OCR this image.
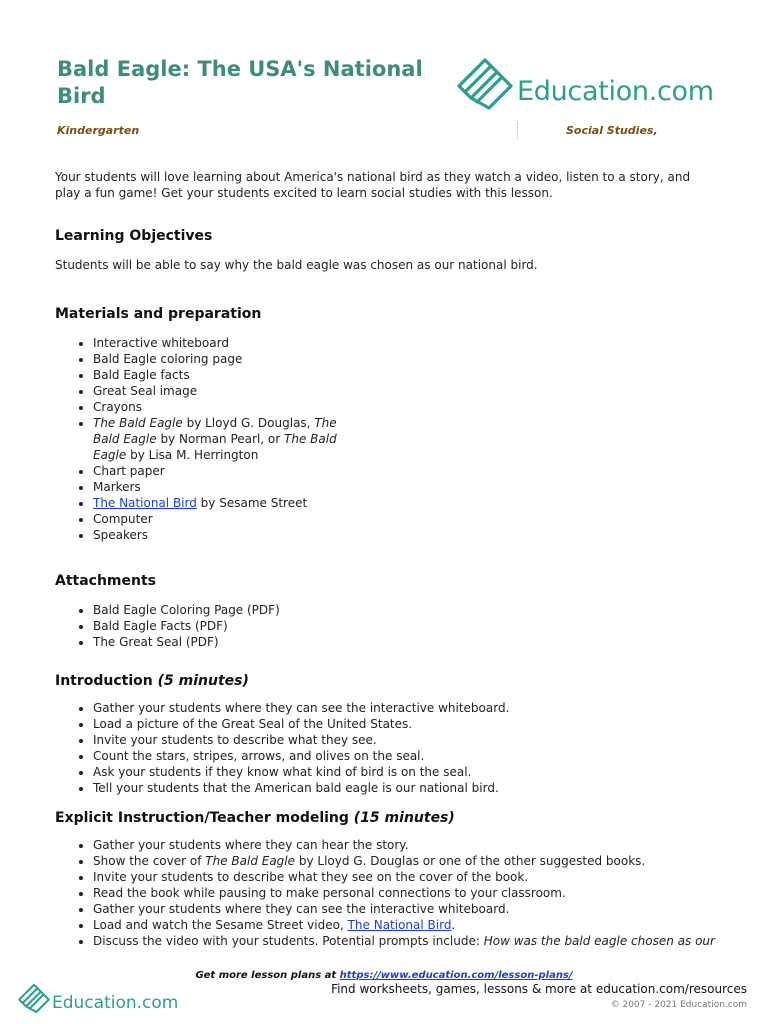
Bald Eagle: The USA's National Bird	Education.com
Kindergarten	Social Studies,

Your students will love learning about America's national bird as they watch a video, listen to a story, and play a fun game! Get your students excited to learn social studies with this lesson.

Learning Objectives

Students will be able to say why the bald eagle was chosen as our national bird.

Materials and preparation
• Interactive whiteboard
• Bald Eagle coloring page
• Bald Eagle facts
• Great Seal image
• Crayons
• The Bald Eagle by Lloyd G. Douglas, The Bald Eagle by Norman Pearl, or The Bald Eagle by Lisa M. Herrington
• Chart paper
• Markers
• The National Bird by Sesame Street
• Computer
• Speakers
Attachments
• Bald Eagle Coloring Page (PDF)
• Bald Eagle Facts (PDF)
• The Great Seal (PDF)
Introduction (5 minutes)
• Gather your students where they can see the interactive whiteboard.
• Load a picture of the Great Seal of the United States.
• Invite your students to describe what they see.
• Count the stars, stripes, arrows, and olives on the seal.
• Ask your students if they know what kind of bird is on the seal.
• Tell your students that the American bald eagle is our national bird.
Explicit Instruction/Teacher modeling (15 minutes)
• Gather your students where they can hear the story.
• Show the cover of The Bald Eagle by Lloyd G. Douglas or one of the other suggested books.
• Invite your students to describe what they see on the cover of the book.
• Read the book while pausing to make personal connections to your classroom.
• Gather your students where they can see the interactive whiteboard.
• Load and watch the Sesame Street video, The National Bird.
• Discuss the video with your students. Potential prompts include: How was the bald eagle chosen as our
Get more lesson plans at https://www.education.com/lesson-plans/
Education.com
Find worksheets, games, lessons & more at education.com/resources
© 2007 - 2021 Education.com
